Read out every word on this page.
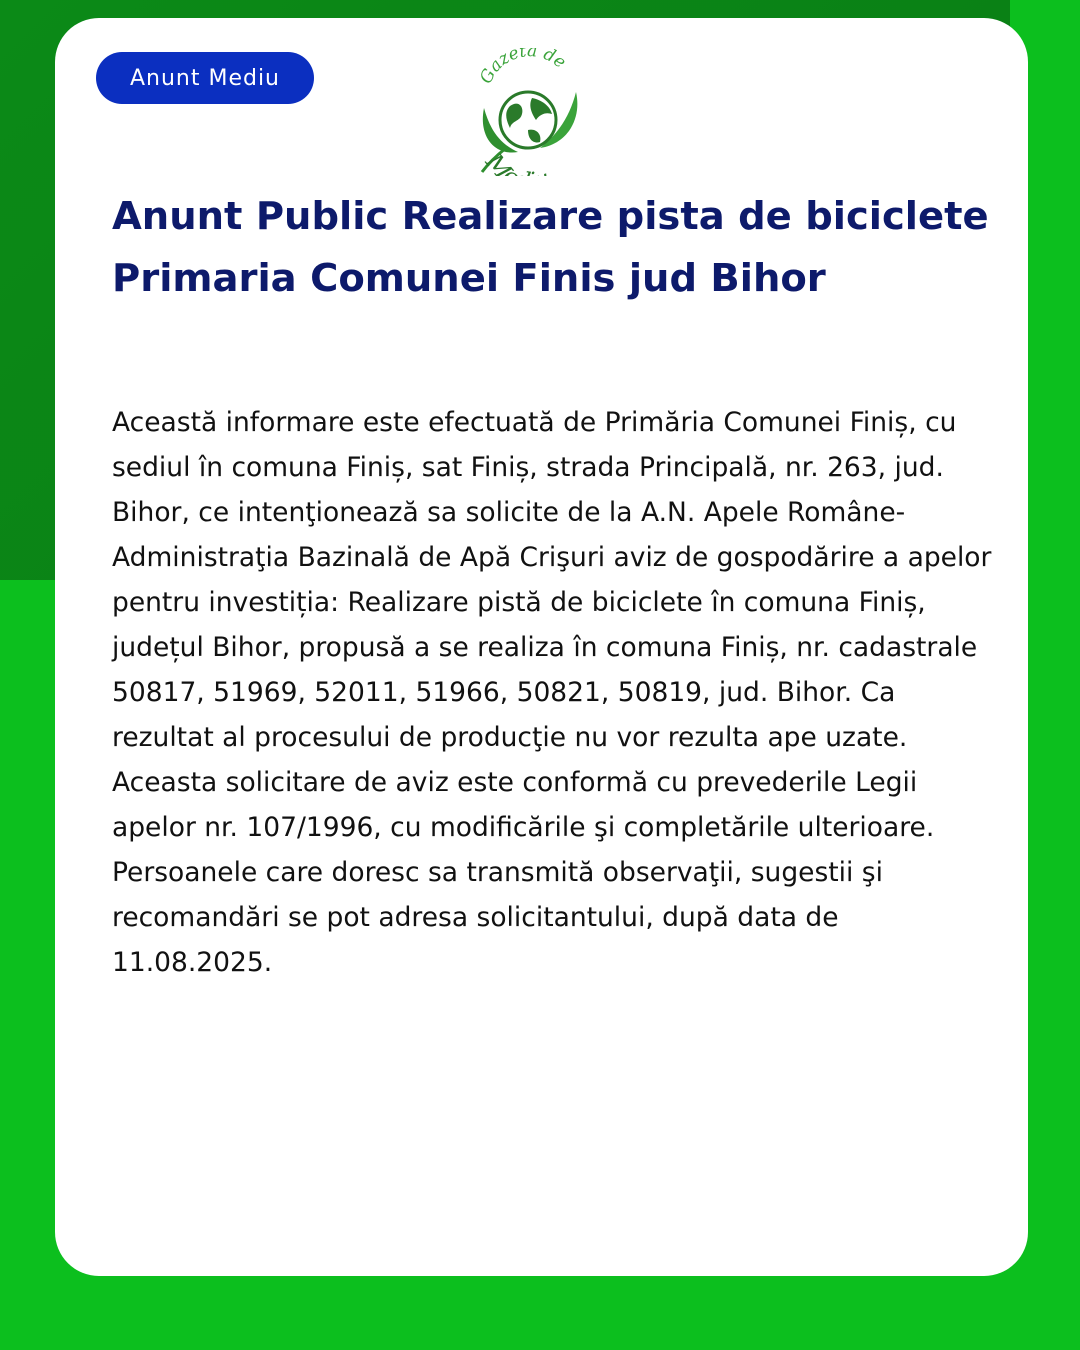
Anunt Mediu	Gazeta de
M
Anunt Public Realizare pista de biciclete Primaria Comunei Finis jud Bihor

Această informare este efectuată de Primăria Comunei Finiș, cu sediul în comuna Finiș, sat Finiș, strada Principală, nr. 263, jud. Bihor, ce intenţionează sa solicite de la A.N. Apele Române-Administraţia Bazinală de Apă Crişuri aviz de gospodărire a apelor pentru investiția: Realizare pistă de biciclete în comuna Finiș, județul Bihor, propusă a se realiza în comuna Finiș, nr. cadastrale 50817, 51969, 52011, 51966, 50821, 50819, jud. Bihor. Ca rezultat al procesului de producţie nu vor rezulta ape uzate. Aceasta solicitare de aviz este conformă cu prevederile Legii apelor nr. 107/1996, cu modificările şi completările ulterioare. Persoanele care doresc sa transmită observaţii, sugestii şi recomandări se pot adresa solicitantului, după data de 11.08.2025.
